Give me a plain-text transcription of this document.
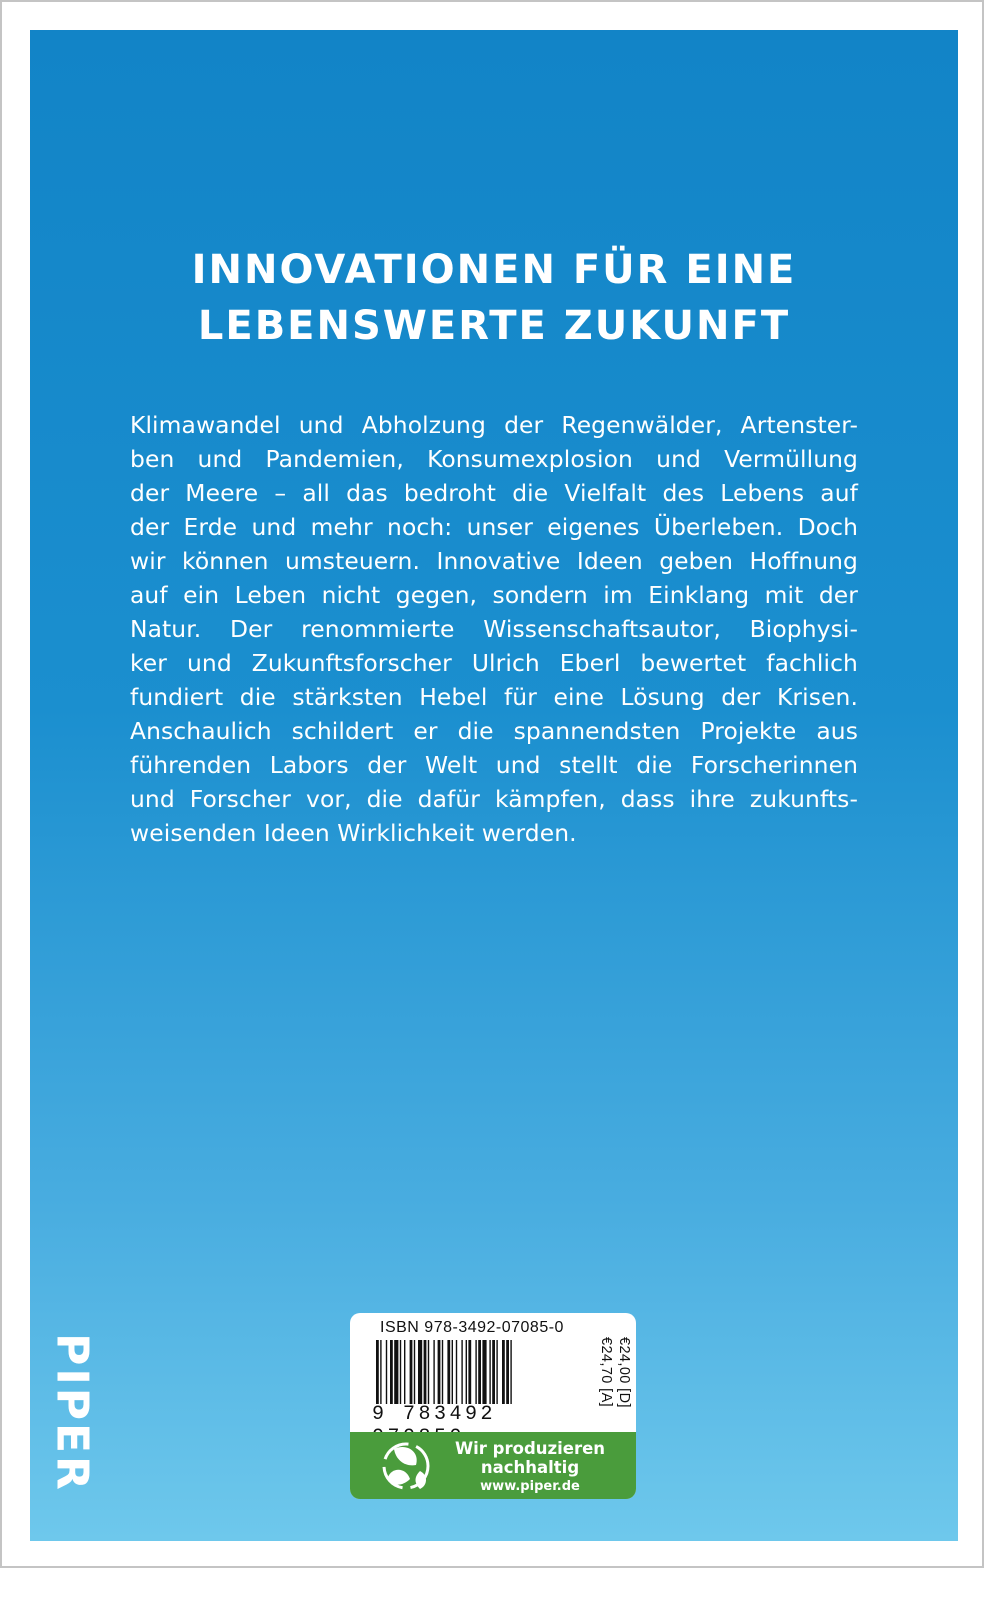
INNOVATIONEN FÜR EINE
LEBENSWERTE ZUKUNFT
Klimawandel und Abholzung der Regenwälder, Artenster-
ben und Pandemien, Konsumexplosion und Vermüllung
der Meere – all das bedroht die Vielfalt des Lebens auf
der Erde und mehr noch: unser eigenes Überleben. Doch
wir können umsteuern. Innovative Ideen geben Hoffnung
auf ein Leben nicht gegen, sondern im Einklang mit der
Natur. Der renommierte Wissenschaftsautor, Biophysi-
ker und Zukunftsforscher Ulrich Eberl bewertet fachlich
fundiert die stärksten Hebel für eine Lösung der Krisen.
Anschaulich schildert er die spannendsten Projekte aus
führenden Labors der Welt und stellt die Forscherinnen
und Forscher vor, die dafür kämpfen, dass ihre zukunfts-
weisenden Ideen Wirklichkeit werden.
PIPER
ISBN 978-3492-07085-0
9 783492
€24,00 [D]
€24,70 [A]
Wir produzieren
nachhaltig
www.piper.de
